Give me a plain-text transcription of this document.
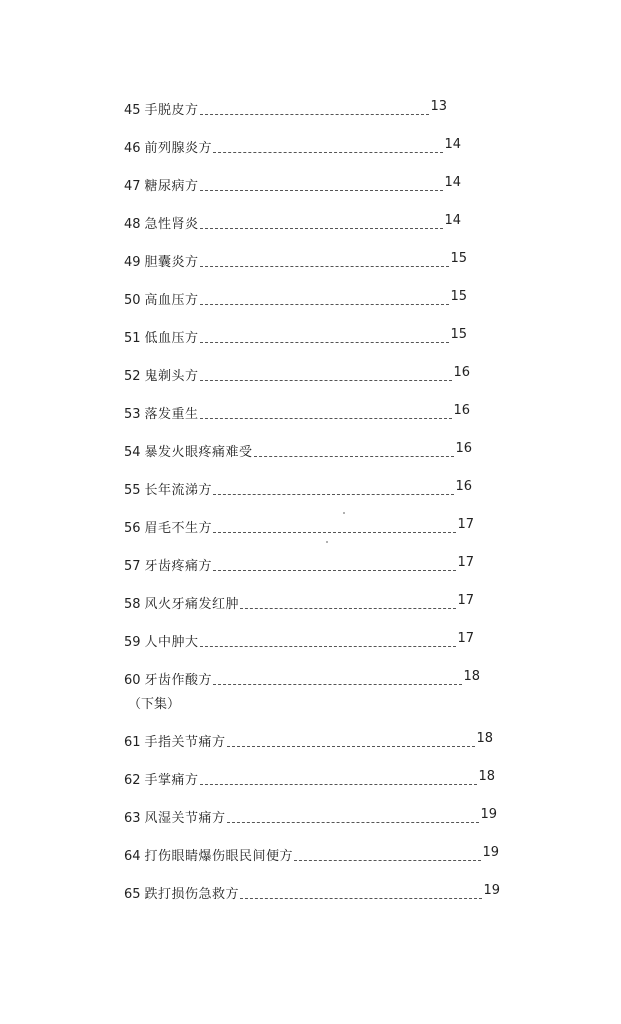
45 手脱皮方	13
46 前列腺炎方	14
47 糖尿病方	14
48 急性肾炎	14
49 胆囊炎方	15
50 高血压方	15
51 低血压方	15
52 鬼剃头方	16
53 落发重生	16
54 暴发火眼疼痛难受	16
55 长年流涕方	16
56 眉毛不生方	17
57 牙齿疼痛方	17
58 风火牙痛发红肿	17
59 人中肿大	17
60 牙齿作酸方	18
61 手指关节痛方	18
62 手掌痛方	18
63 风湿关节痛方	19
64 打伤眼睛爆伤眼民间便方	19
65 跌打损伤急救方	19
（下集）
